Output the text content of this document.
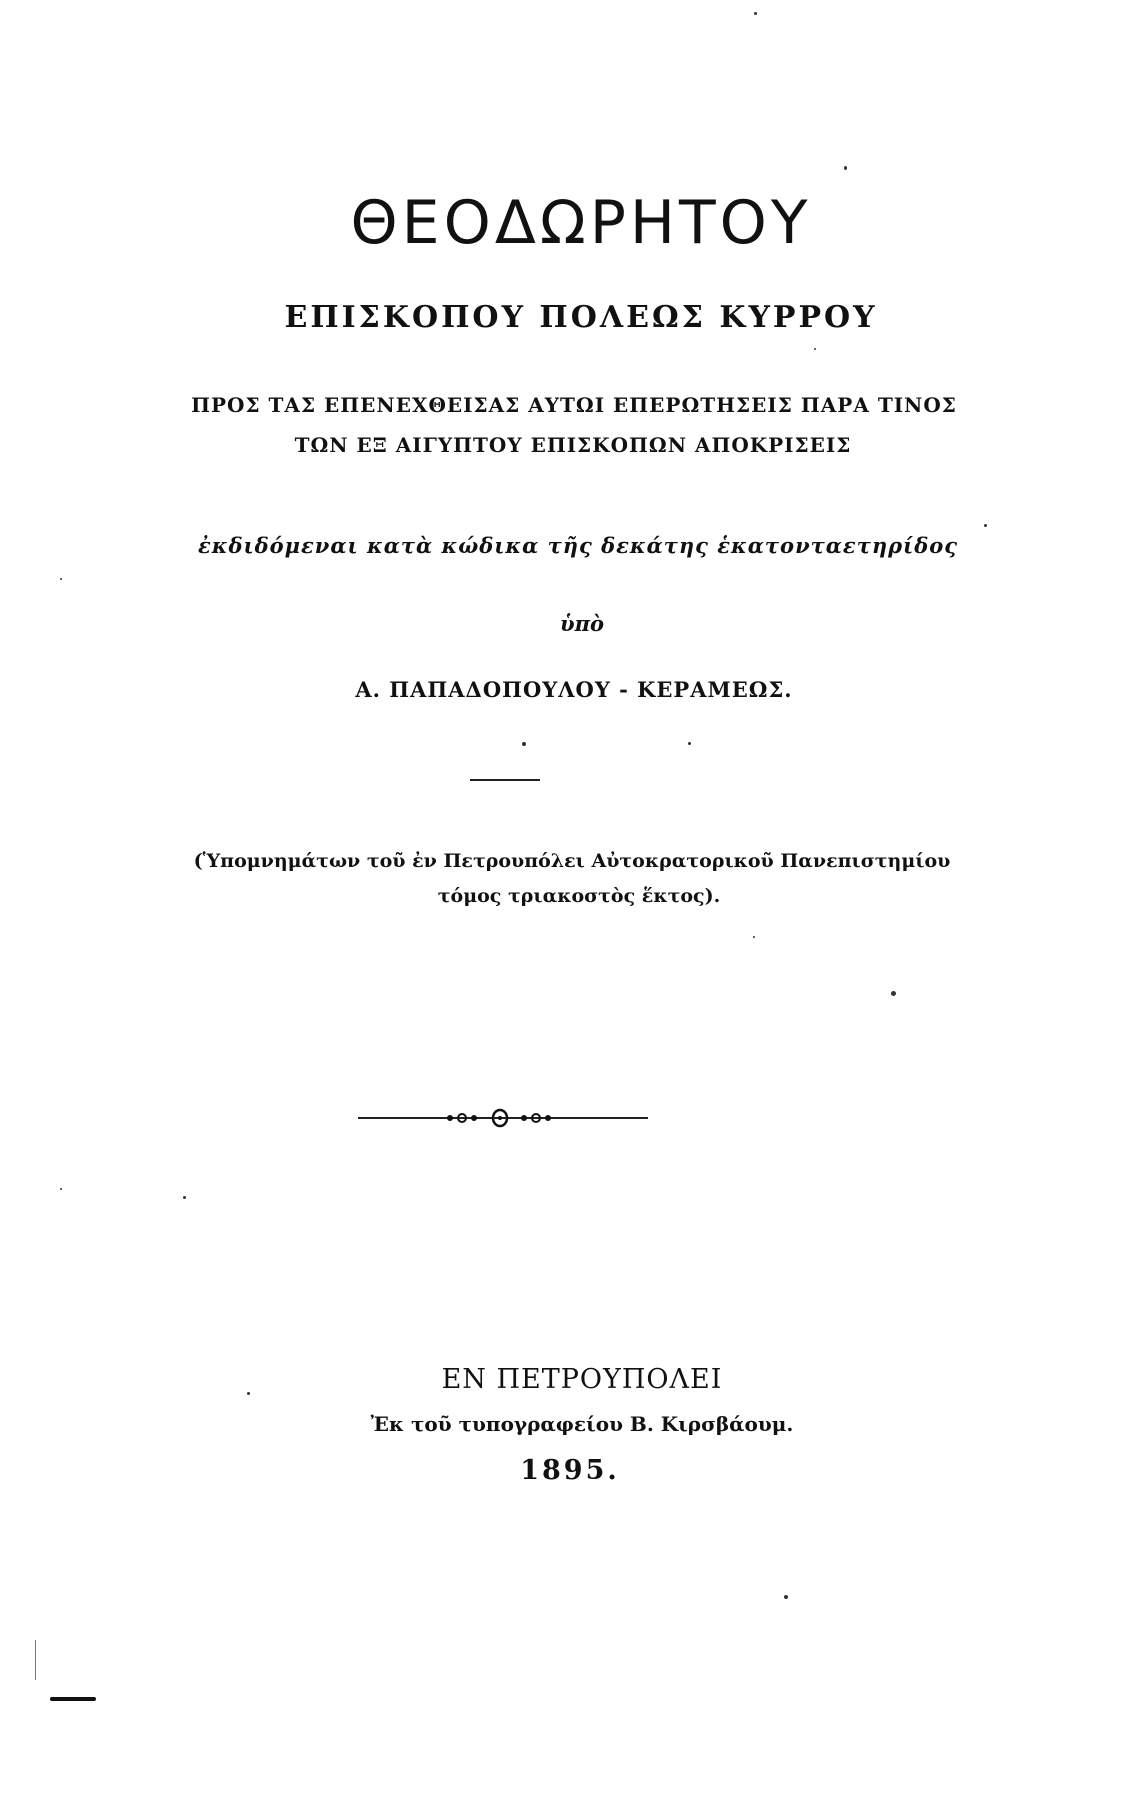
ΘΕΟΔΩΡΗΤΟΥ
ΕΠΙΣΚΟΠΟΥ ΠΟΛΕΩΣ ΚΥΡΡΟΥ
ΠΡΟΣ ΤΑΣ ΕΠΕΝΕΧΘΕΙΣΑΣ ΑΥΤΩΙ ΕΠΕΡΩΤΗΣΕΙΣ ΠΑΡΑ ΤΙΝΟΣ
ΤΩΝ ΕΞ ΑΙΓΥΠΤΟΥ ΕΠΙΣΚΟΠΩΝ ΑΠΟΚΡΙΣΕΙΣ
ἐκδιδόμεναι κατὰ κώδικα τῆς δεκάτης ἑκατονταετηρίδος
ὑπὸ
Α. ΠΑΠΑΔΟΠΟΥΛΟΥ - ΚΕΡΑΜΕΩΣ.
(Ὑπομνημάτων τοῦ ἐν Πετρουπόλει Αὐτοκρατορικοῦ Πανεπιστημίου
τόμος τριακοστὸς ἕκτος).
ΕΝ ΠΕΤΡΟΥΠΟΛΕΙ
Ἐκ τοῦ τυπογραφείου Β. Κιρσβάουμ.
1895.
